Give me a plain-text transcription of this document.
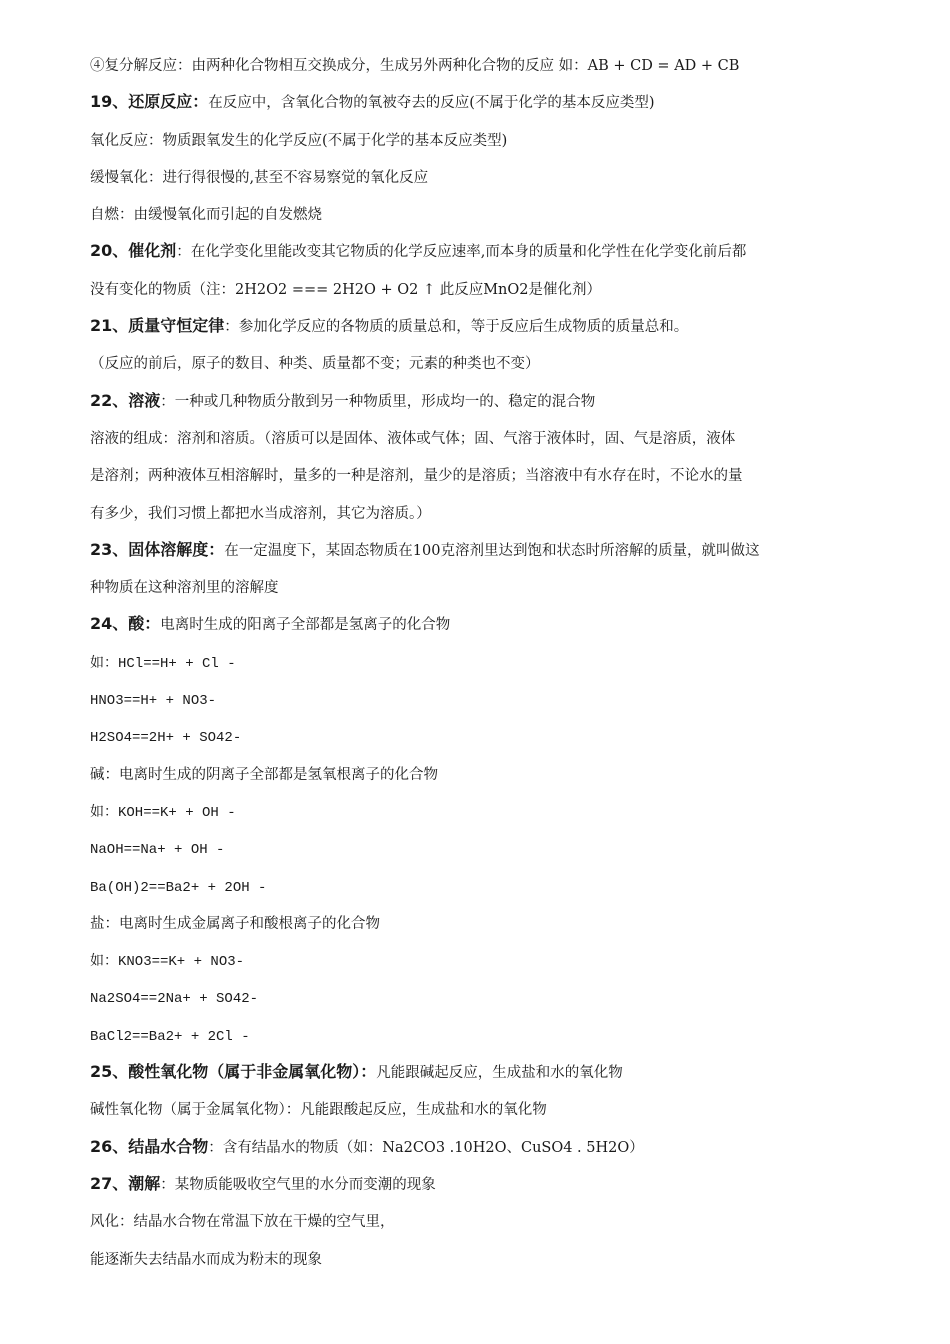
④复分解反应：由两种化合物相互交换成分，生成另外两种化合物的反应 如：AB + CD = AD + CB
19、还原反应：在反应中，含氧化合物的氧被夺去的反应(不属于化学的基本反应类型)
氧化反应：物质跟氧发生的化学反应(不属于化学的基本反应类型)
缓慢氧化：进行得很慢的,甚至不容易察觉的氧化反应
自燃：由缓慢氧化而引起的自发燃烧
20、催化剂：在化学变化里能改变其它物质的化学反应速率,而本身的质量和化学性在化学变化前后都
没有变化的物质（注：2H2O2 === 2H2O + O2 ↑ 此反应MnO2是催化剂）
21、质量守恒定律：参加化学反应的各物质的质量总和，等于反应后生成物质的质量总和。
（反应的前后，原子的数目、种类、质量都不变；元素的种类也不变）
22、溶液：一种或几种物质分散到另一种物质里，形成均一的、稳定的混合物
溶液的组成：溶剂和溶质。（溶质可以是固体、液体或气体；固、气溶于液体时，固、气是溶质，液体
是溶剂；两种液体互相溶解时，量多的一种是溶剂，量少的是溶质；当溶液中有水存在时，不论水的量
有多少，我们习惯上都把水当成溶剂，其它为溶质。）
23、固体溶解度：在一定温度下，某固态物质在100克溶剂里达到饱和状态时所溶解的质量，就叫做这
种物质在这种溶剂里的溶解度
24、酸：电离时生成的阳离子全部都是氢离子的化合物
如：HCl==H+ + Cl -
HNO3==H+ + NO3-
H2SO4==2H+ + SO42-
碱：电离时生成的阴离子全部都是氢氧根离子的化合物
如：KOH==K+ + OH -
NaOH==Na+ + OH -
Ba(OH)2==Ba2+ + 2OH -
盐：电离时生成金属离子和酸根离子的化合物
如：KNO3==K+ + NO3-
Na2SO4==2Na+ + SO42-
BaCl2==Ba2+ + 2Cl -
25、酸性氧化物（属于非金属氧化物）：凡能跟碱起反应，生成盐和水的氧化物
碱性氧化物（属于金属氧化物）：凡能跟酸起反应，生成盐和水的氧化物
26、结晶水合物：含有结晶水的物质（如：Na2CO3 .10H2O、CuSO4 . 5H2O）
27、潮解：某物质能吸收空气里的水分而变潮的现象
风化：结晶水合物在常温下放在干燥的空气里，
能逐渐失去结晶水而成为粉末的现象
